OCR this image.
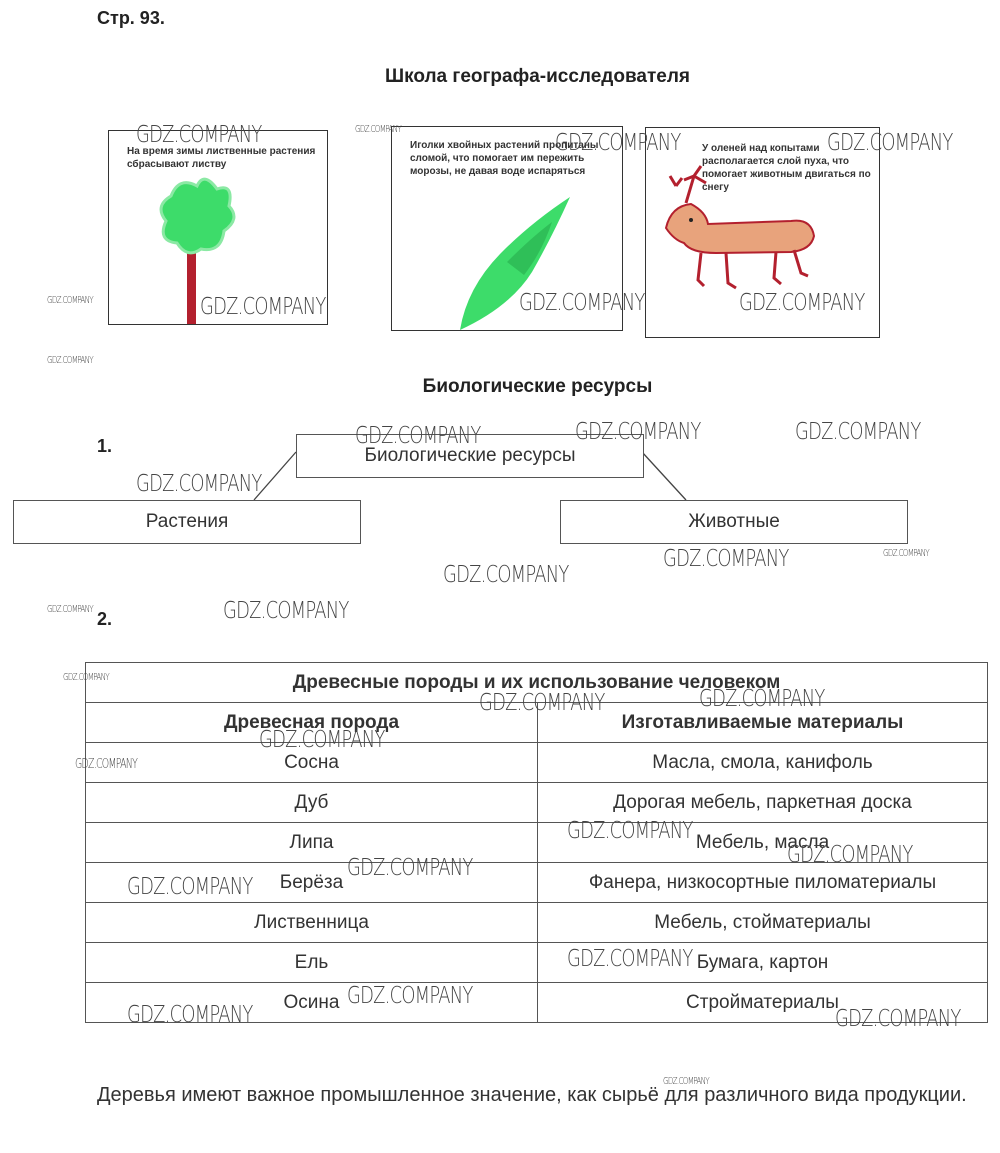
Стр. 93.
Школа географа-исследователя
На время зимы лиственные растения сбрасывают листву
Иголки хвойных растений пропитаны сломой, что помогает им пережить морозы, не давая воде испаряться
У оленей над копытами располагается слой пуха, что помогает животным двигаться по снегу
Биологические ресурсы
1.	Биологические ресурсы
Растения	Животные
2.
Древесные породы и их использование человеком	
Древесная порода	Изготавливаемые материалы
Сосна	Масла, смола, канифоль
Дуб	Дорогая мебель, паркетная доска
Липа	Мебель, масла
Берёза	Фанера, низкосортные пиломатериалы
Лиственница	Мебель, стойматериалы
Ель	Бумага, картон
Осина	Стройматериалы
Деревья имеют важное промышленное значение, как сырьё для различного вида продукции.
GDZ.COMPANY	GDZ.COMPANY
GDZ.COMPANY	GDZ.COMPANY
GDZ.COMPANY	GDZ.COMPANY	GDZ.COMPANY	GDZ.COMPANY
GDZ.COMPANY
GDZ.COMPANY	GDZ.COMPANY	GDZ.COMPANY
GDZ.COMPANY
GDZ.COMPANY	GDZ.COMPANY
GDZ.COMPANY
GDZ.COMPANY	GDZ.COMPANY
GDZ.COMPANY
GDZ.COMPANY	GDZ.COMPANY
GDZ.COMPANY
GDZ.COMPANY
GDZ.COMPANY
GDZ.COMPANY
GDZ.COMPANY
GDZ.COMPANY
GDZ.COMPANY
GDZ.COMPANY
GDZ.COMPANY	GDZ.COMPANY
GDZ.COMPANY
